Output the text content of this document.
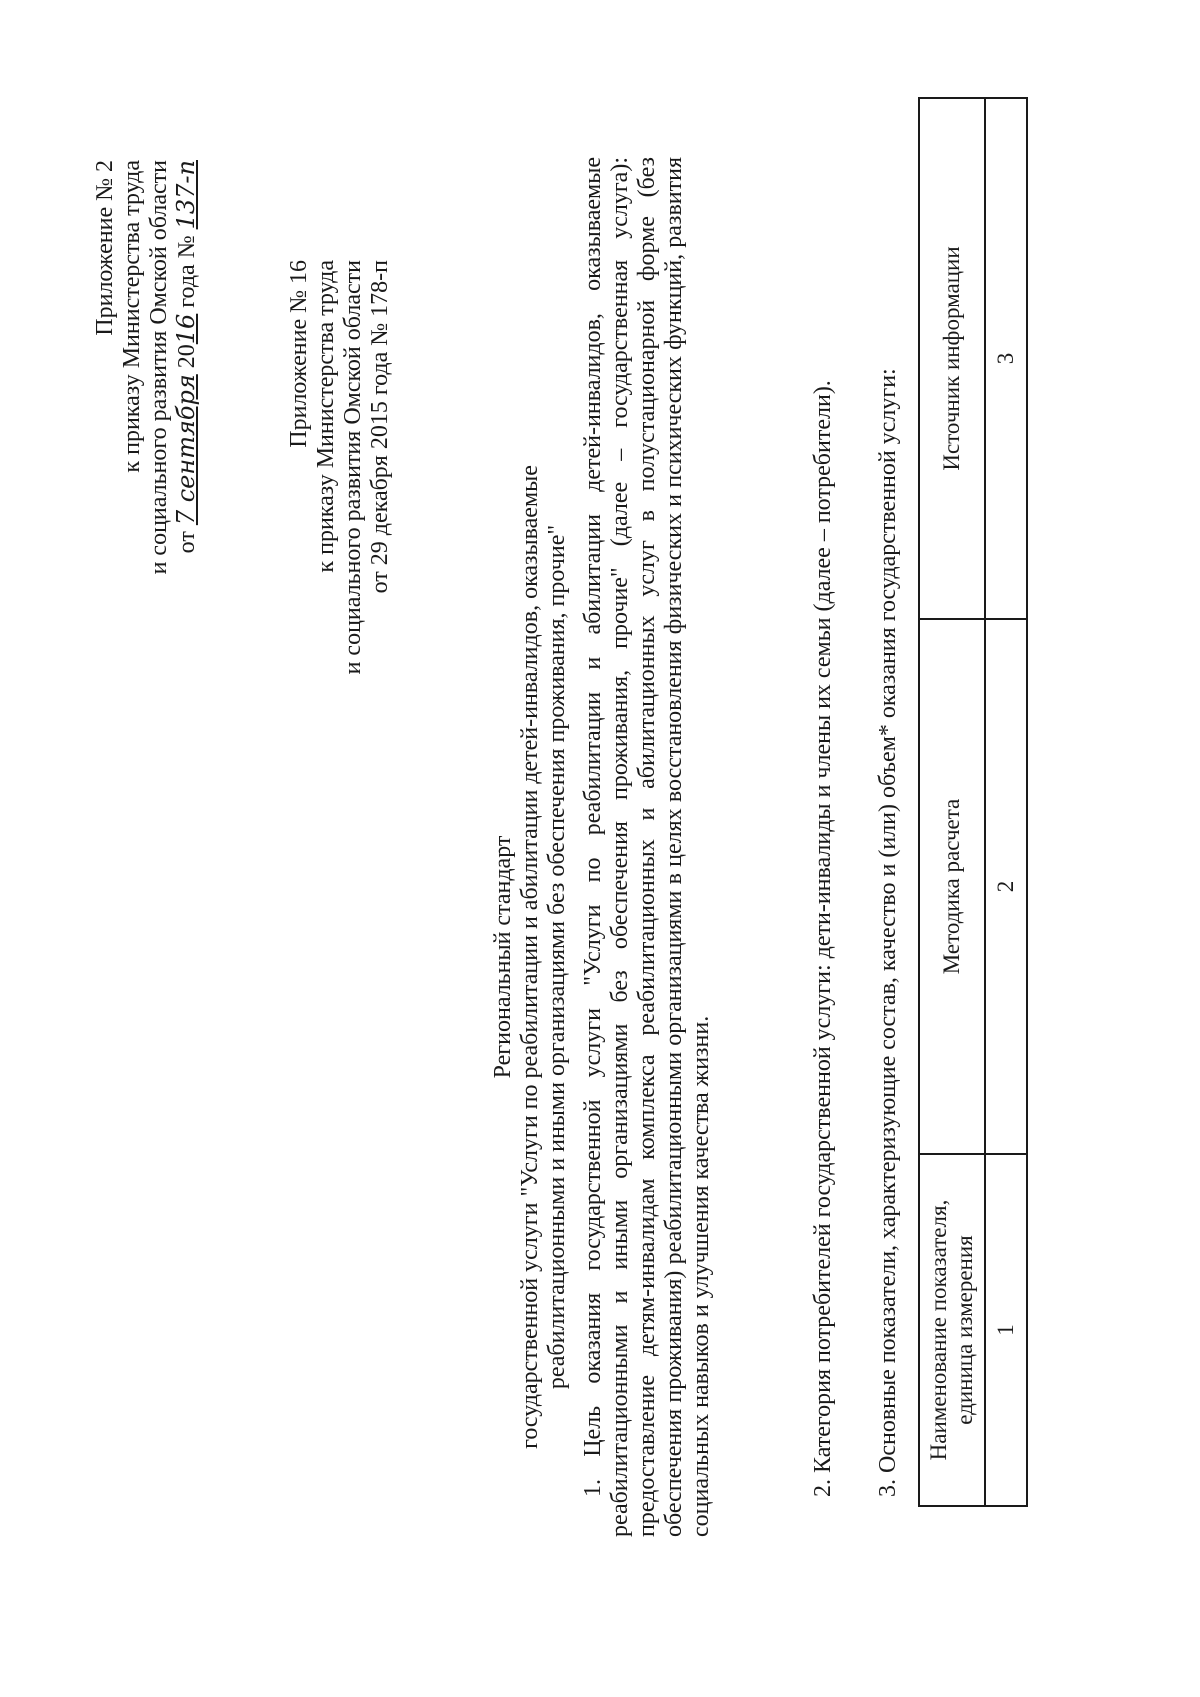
Приложение № 2 к приказу Министерства труда и социального развития Омской области от 7 сентября 2016 года № 137-п
Приложение № 16 к приказу Министерства труда и социального развития Омской области от 29 декабря 2015 года № 178-п
Региональный стандарт государственной услуги "Услуги по реабилитации и абилитации детей-инвалидов, оказываемые реабилитационными и иными организациями без обеспечения проживания, прочие" 1. Цель оказания государственной услуги "Услуги по реабилитации и абилитации детей-инвалидов, оказываемые реабилитационными и иными организациями без обеспечения проживания, прочие" (далее – государственная услуга): предоставление детям-инвалидам комплекса реабилитационных и абилитационных услуг в полустационарной форме (без обеспечения проживания) реабилитационными организациями в целях восстановления физических и психических функций, развития социальных навыков и улучшения качества жизни.	2. Категория потребителей государственной услуги: дети-инвалиды и члены их семьи (далее – потребители). 3. Основные показатели, характеризующие состав, качество и (или) объем* оказания государственной услуги: Наименование показателя, единица измерения	Методика расчета	Источник информации
1	2	3
